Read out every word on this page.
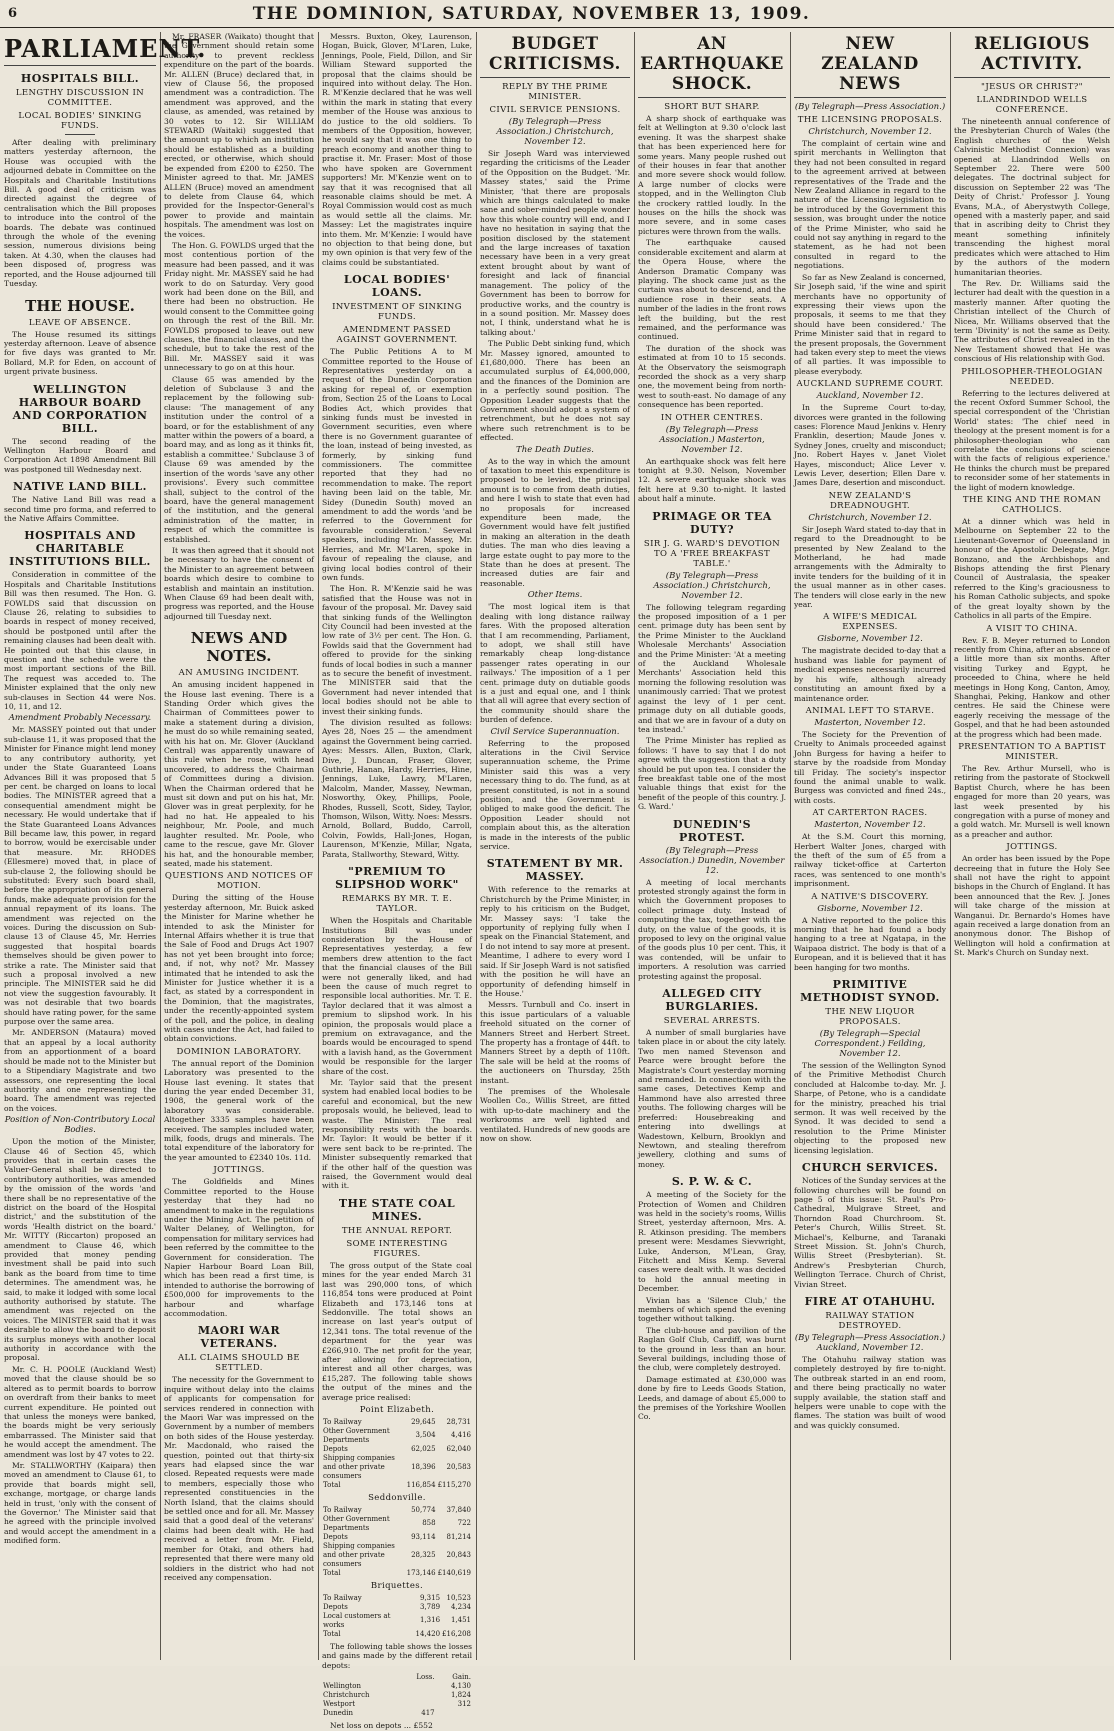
6	THE DOMINION, SATURDAY, NOVEMBER 13, 1909.
PARLIAMENT.
HOSPITALS BILL.
LENGTHY DISCUSSION IN COMMITTEE.
LOCAL BODIES' SINKING FUNDS.

After dealing with preliminary matters yesterday afternoon, the House was occupied with the adjourned debate in Committee on the Hospitals and Charitable Institutions Bill. A good deal of criticism was directed against the degree of centralisation which the Bill proposes to introduce into the control of the boards. The debate was continued through the whole of the evening session, numerous divisions being taken. At 4.30, when the clauses had been disposed of, progress was reported, and the House adjourned till Tuesday.

THE HOUSE.
LEAVE OF ABSENCE.

The House resumed its sittings yesterday afternoon. Leave of absence for five days was granted to Mr. Bollard, M.P. for Eden, on account of urgent private business.

WELLINGTON HARBOUR BOARD AND CORPORATION BILL.

The second reading of the Wellington Harbour Board and Corporation Act 1898 Amendment Bill was postponed till Wednesday next.

NATIVE LAND BILL.

The Native Land Bill was read a second time pro forma, and referred to the Native Affairs Committee.

HOSPITALS AND CHARITABLE INSTITUTIONS BILL.

Consideration in committee of the Hospitals and Charitable Institutions Bill was then resumed. The Hon. G. FOWLDS said that discussion on Clause 26, relating to subsidies to boards in respect of money received, should be postponed until after the remaining clauses had been dealt with. He pointed out that this clause, in question and the schedule were the most important sections of the Bill. The request was acceded to. The Minister explained that the only new sub-clauses in Section 44 were Nos. 10, 11, and 12.

Amendment Probably Necessary.

Mr. MASSEY pointed out that under sub-clause 11, it was proposed that the Minister for Finance might lend money to any contributory authority, yet under the State Guaranteed Loans Advances Bill it was proposed that 5 per cent. be charged on loans to local bodies. The MINISTER agreed that a consequential amendment might be necessary. He would undertake that if the State Guaranteed Loans Advances Bill became law, this power, in regard to borrow, would be exercisable under that measure. Mr. RHODES (Ellesmere) moved that, in place of sub-clause 2, the following should be substituted: Every such board shall, before the appropriation of its general funds, make adequate provision for the annual repayment of its loans. The amendment was rejected on the voices. During the discussion on Sub-clause 13 of Clause 45, Mr. Herries suggested that hospital boards themselves should be given power to strike a rate. The Minister said that such a proposal involved a new principle. The MINISTER said he did not view the suggestion favourably. It was not desirable that two boards should have rating power, for the same purpose over the same area.

Mr. ANDERSON (Mataura) moved that an appeal by a local authority from an apportionment of a board should be made not to the Minister but to a Stipendiary Magistrate and two assessors, one representing the local authority and one representing the board. The amendment was rejected on the voices.

Position of Non-Contributory Local Bodies.

Upon the motion of the Minister, Clause 46 of Section 45, which provides that in certain cases the Valuer-General shall be directed to contributory authorities, was amended by the omission of the words 'and there shall be no representative of the district on the board of the Hospital district,' and the substitution of the words 'Health district on the board.' Mr. WITTY (Riccarton) proposed an amendment to Clause 46, which provided that money pending investment shall be paid into such bank as the board from time to time determines. The amendment was, he said, to make it lodged with some local authority authorised by statute. The amendment was rejected on the voices. The MINISTER said that it was desirable to allow the board to deposit its surplus moneys with another local authority in accordance with the proposal.

Mr. C. H. POOLE (Auckland West) moved that the clause should be so altered as to permit boards to borrow on overdraft from their banks to meet current expenditure. He pointed out that unless the moneys were banked, the boards might be very seriously embarrassed. The Minister said that he would accept the amendment. The amendment was lost by 47 votes to 22.

Mr. STALLWORTHY (Kaipara) then moved an amendment to Clause 61, to provide that boards might sell, exchange, mortgage, or charge lands held in trust, 'only with the consent of the Governor.' The Minister said that he agreed with the principle involved and would accept the amendment in a modified form.

Mr. FRASER (Waikato) thought that the Government should retain some authority to prevent reckless expenditure on the part of the boards. Mr. ALLEN (Bruce) declared that, in view of Clause 56, the proposed amendment was a contradiction. The amendment was approved, and the clause, as amended, was retained by 30 votes to 12. Sir WILLIAM STEWARD (Waitaki) suggested that the amount up to which an institution should be established as a building erected, or otherwise, which should be expended from £200 to £250. The Minister agreed to that. Mr. JAMES ALLEN (Bruce) moved an amendment to delete from Clause 64, which provided for the Inspector-General's power to provide and maintain hospitals. The amendment was lost on the voices.

The Hon. G. FOWLDS urged that the most contentious portion of the measure had been passed, and it was Friday night. Mr. MASSEY said he had work to do on Saturday. Very good work had been done on the Bill, and there had been no obstruction. He would consent to the Committee going on through the rest of the Bill. Mr. FOWLDS proposed to leave out new clauses, the financial clauses, and the schedule, but to take the rest of the Bill. Mr. MASSEY said it was unnecessary to go on at this hour.

Clause 65 was amended by the deletion of Subclause 3 and the replacement by the following sub-clause: 'The management of any institution under the control of a board, or for the establishment of any matter within the powers of a board, a board may, and as long as it thinks fit, establish a committee.' Subclause 3 of Clause 69 was amended by the insertion of the words 'save any other provisions'. Every such committee shall, subject to the control of the board, have the general management of the institution, and the general administration of the matter, in respect of which the committee is established.

It was then agreed that it should not be necessary to have the consent of the Minister to an agreement between boards which desire to combine to establish and maintain an institution. When Clause 69 had been dealt with, progress was reported, and the House adjourned till Tuesday next.

NEWS AND NOTES.
AN AMUSING INCIDENT.

An amusing incident happened in the House last evening. There is a Standing Order which gives the Chairman of Committees power to make a statement during a division, he must do so while remaining seated, with his hat on. Mr. Glover (Auckland Central) was apparently unaware of this rule when he rose, with head uncovered, to address the Chairman of Committees during a division. When the Chairman ordered that he must sit down and put on his hat, Mr. Glover was in great perplexity, for he had no hat. He appealed to his neighbour, Mr. Poole, and much laughter resulted. Mr. Poole, who came to the rescue, gave Mr. Glover his hat, and the honourable member, seated, made his statement.

QUESTIONS AND NOTICES OF MOTION.

During the sitting of the House yesterday afternoon, Mr. Buick asked the Minister for Marine whether he intended to ask the Minister for Internal Affairs whether it is true that the Sale of Food and Drugs Act 1907 has not yet been brought into force; and, if not, why not? Mr. Massey intimated that he intended to ask the Minister for Justice whether it is a fact, as stated by a correspondent in the Dominion, that the magistrates, under the recently-appointed system of the poll, and the police, in dealing with cases under the Act, had failed to obtain convictions.

DOMINION LABORATORY.

The annual report of the Dominion Laboratory was presented to the House last evening. It states that during the year ended December 31, 1908, the general work of the laboratory was considerable. Altogether 3335 samples have been received. The samples included water, milk, foods, drugs and minerals. The total expenditure of the laboratory for the year amounted to £2340 10s. 11d.

JOTTINGS.

The Goldfields and Mines Committee reported to the House yesterday that they had no amendment to make in the regulations under the Mining Act. The petition of Walter Delaney, of Wellington, for compensation for military services had been referred by the committee to the Government for consideration. The Napier Harbour Board Loan Bill, which has been read a first time, is intended to authorise the borrowing of £500,000 for improvements to the harbour and wharfage accommodation.

MAORI WAR VETERANS.
ALL CLAIMS SHOULD BE SETTLED.

The necessity for the Government to inquire without delay into the claims of applicants for compensation for services rendered in connection with the Maori War was impressed on the Government by a number of members on both sides of the House yesterday. Mr. Macdonald, who raised the question, pointed out that thirty-six years had elapsed since the war closed. Repeated requests were made to members, especially those who represented constituencies in the North Island, that the claims should be settled once and for all. Mr. Massey said that a good deal of the veterans' claims had been dealt with. He had received a letter from Mr. Field, member for Otaki, and others had represented that there were many old soldiers in the district who had not received any compensation.

Messrs. Buxton, Okey, Laurenson, Hogan, Buick, Glover, M'Laren, Luke, Jennings, Poole, Field, Dillon, and Sir William Steward supported the proposal that the claims should be inquired into without delay. The Hon. R. M'Kenzie declared that he was well within the mark in stating that every member of the House was anxious to do justice to the old soldiers. To members of the Opposition, however, he would say that it was one thing to preach economy and another thing to practise it. Mr. Fraser: Most of those who have spoken are Government supporters! Mr. M'Kenzie went on to say that it was recognised that all reasonable claims should be met. A Royal Commission would cost as much as would settle all the claims. Mr. Massey: Let the magistrates inquire into them. Mr. M'Kenzie: I would have no objection to that being done, but my own opinion is that very few of the claims could be substantiated.

LOCAL BODIES' LOANS.
INVESTMENT OF SINKING FUNDS.
AMENDMENT PASSED AGAINST GOVERNMENT.

The Public Petitions A to M Committee reported to the House of Representatives yesterday on a request of the Dunedin Corporation asking for repeal of, or exemption from, Section 25 of the Loans to Local Bodies Act, which provides that sinking funds must be invested in Government securities, even where there is no Government guarantee of the loan, instead of being invested, as formerly, by sinking fund commissioners. The committee reported that they had no recommendation to make. The report having been laid on the table, Mr. Sidey (Dunedin South) moved an amendment to add the words 'and be referred to the Government for favourable consideration.' Several speakers, including Mr. Massey, Mr. Herries, and Mr. M'Laren, spoke in favour of repealing the clause, and giving local bodies control of their own funds.

The Hon. R. M'Kenzie said he was satisfied that the House was not in favour of the proposal. Mr. Davey said that sinking funds of the Wellington City Council had been invested at the low rate of 3½ per cent. The Hon. G. Fowlds said that the Government had offered to provide for the sinking funds of local bodies in such a manner as to secure the benefit of investment. The MINISTER said that the Government had never intended that local bodies should not be able to invest their sinking funds.

The division resulted as follows: Ayes 28, Noes 25 — the amendment against the Government being carried. Ayes: Messrs. Allen, Buxton, Clark, Dive, J. Duncan, Fraser, Glover, Guthrie, Hanan, Hardy, Herries, Hine, Jennings, Luke, Lawry, M'Laren, Malcolm, Mander, Massey, Newman, Nosworthy, Okey, Phillips, Poole, Rhodes, Russell, Scott, Sidey, Taylor, Thomson, Wilson, Witty. Noes: Messrs. Arnold, Bollard, Buddo, Carroll, Colvin, Fowlds, Hall-Jones, Hogan, Laurenson, M'Kenzie, Millar, Ngata, Parata, Stallworthy, Steward, Witty.

"PREMIUM TO SLIPSHOD WORK"
REMARKS BY MR. T. E. TAYLOR.

When the Hospitals and Charitable Institutions Bill was under consideration by the House of Representatives yesterday, a few members drew attention to the fact that the financial clauses of the Bill were not generally liked, and had been the cause of much regret to responsible local authorities. Mr. T. E. Taylor declared that it was almost a premium to slipshod work. In his opinion, the proposals would place a premium on extravagance, and the boards would be encouraged to spend with a lavish hand, as the Government would be responsible for the larger share of the cost.

Mr. Taylor said that the present system had enabled local bodies to be careful and economical, but the new proposals would, he believed, lead to waste. The Minister: The real responsibility rests with the boards. Mr. Taylor: It would be better if it were sent back to be re-printed. The Minister subsequently remarked that if the other half of the question was raised, the Government would deal with it.

THE STATE COAL MINES.
THE ANNUAL REPORT.
SOME INTERESTING FIGURES.

The gross output of the State coal mines for the year ended March 31 last was 290,000 tons, of which 116,854 tons were produced at Point Elizabeth and 173,146 tons at Seddonville. The total shows an increase on last year's output of 12,341 tons. The total revenue of the department for the year was £266,910. The net profit for the year, after allowing for depreciation, interest and all other charges, was £15,287. The following table shows the output of the mines and the average price realised:

Point Elizabeth.
To Railway	29,645	28,731
Other Government Departments	3,504	4,416
Depots	62,025	62,040
Shipping companies and other private consumers	18,396	20,583
Total	116,854	£115,270
Seddonville.
To Railway	50,774	37,840
Other Government Departments	858	722
Depots	93,114	81,214
Shipping companies and other private consumers	28,325	20,843
Total	173,146	£140,619
Briquettes.
To Railway	9,315	10,523
Depots	3,789	4,234
Local customers at works	1,316	1,451
Total	14,420	£16,208

The following table shows the losses and gains made by the different retail depots:

	Loss.	Gain.
Wellington		4,130
Christchurch		1,824
Westport		312
Dunedin	417	

Net loss on depots ... £552

BUDGET CRITICISMS.
REPLY BY THE PRIME MINISTER.
CIVIL SERVICE PENSIONS.
(By Telegraph—Press Association.) Christchurch, November 12.

Sir Joseph Ward was interviewed regarding the criticisms of the Leader of the Opposition on the Budget. 'Mr. Massey states,' said the Prime Minister, 'that there are proposals which are things calculated to make sane and sober-minded people wonder how this whole country will end, and I have no hesitation in saying that the position disclosed by the statement and the large increases of taxation necessary have been in a very great extent brought about by want of foresight and lack of financial management. The policy of the Government has been to borrow for productive works, and the country is in a sound position. Mr. Massey does not, I think, understand what he is talking about.'

The Public Debt sinking fund, which Mr. Massey ignored, amounted to £1,680,000. There has been an accumulated surplus of £4,000,000, and the finances of the Dominion are in a perfectly sound position. The Opposition Leader suggests that the Government should adopt a system of retrenchment, but he does not say where such retrenchment is to be effected.

The Death Duties.

As to the way in which the amount of taxation to meet this expenditure is proposed to be levied, the principal amount is to come from death duties, and here I wish to state that even had no proposals for increased expenditure been made, the Government would have felt justified in making an alteration in the death duties. The man who dies leaving a large estate ought to pay more to the State than he does at present. The increased duties are fair and reasonable.

Other Items.

'The most logical item is that dealing with long distance railway fares. With the proposed alteration that I am recommending, Parliament, to adopt, we shall still have remarkably cheap long-distance passenger rates operating in our railways.' The imposition of a 1 per cent. primage duty on dutiable goods is a just and equal one, and I think that all will agree that every section of the community should share the burden of defence.

Civil Service Superannuation.

Referring to the proposed alterations in the Civil Service superannuation scheme, the Prime Minister said this was a very necessary thing to do. The fund, as at present constituted, is not in a sound position, and the Government is obliged to make good the deficit. The Opposition Leader should not complain about this, as the alteration is made in the interests of the public service.

STATEMENT BY MR. MASSEY.

With reference to the remarks at Christchurch by the Prime Minister, in reply to his criticism on the Budget, Mr. Massey says: 'I take the opportunity of replying fully when I speak on the Financial Statement, and I do not intend to say more at present. Meantime, I adhere to every word I said. If Sir Joseph Ward is not satisfied with the position he will have an opportunity of defending himself in the House.'

Messrs. Turnbull and Co. insert in this issue particulars of a valuable freehold situated on the corner of Manners Street and Herbert Street. The property has a frontage of 44ft. to Manners Street by a depth of 110ft. The sale will be held at the rooms of the auctioneers on Thursday, 25th instant.

The premises of the Wholesale Woollen Co., Willis Street, are fitted with up-to-date machinery and the workrooms are well lighted and ventilated. Hundreds of new goods are now on show.

AN EARTHQUAKE SHOCK.
SHORT BUT SHARP.

A sharp shock of earthquake was felt at Wellington at 9.30 o'clock last evening. It was the sharpest shake that has been experienced here for some years. Many people rushed out of their houses in fear that another and more severe shock would follow. A large number of clocks were stopped, and in the Wellington Club the crockery rattled loudly. In the houses on the hills the shock was more severe, and in some cases pictures were thrown from the walls.

The earthquake caused considerable excitement and alarm at the Opera House, where the Anderson Dramatic Company was playing. The shock came just as the curtain was about to descend, and the audience rose in their seats. A number of the ladies in the front rows left the building, but the rest remained, and the performance was continued.

The duration of the shock was estimated at from 10 to 15 seconds. At the Observatory the seismograph recorded the shock as a very sharp one, the movement being from north-west to south-east. No damage of any consequence has been reported.

IN OTHER CENTRES.
(By Telegraph—Press Association.) Masterton, November 12.

An earthquake shock was felt here tonight at 9.30. Nelson, November 12. A severe earthquake shock was felt here at 9.30 to-night. It lasted about half a minute.

PRIMAGE OR TEA DUTY?
SIR J. G. WARD'S DEVOTION TO A 'FREE BREAKFAST TABLE.'
(By Telegraph—Press Association.) Christchurch, November 12.

The following telegram regarding the proposed imposition of a 1 per cent. primage duty has been sent by the Prime Minister to the Auckland Wholesale Merchants' Association and the Prime Minister: 'At a meeting of the Auckland Wholesale Merchants' Association held this morning the following resolution was unanimously carried: That we protest against the levy of 1 per cent. primage duty on all dutiable goods, and that we are in favour of a duty on tea instead.'

The Prime Minister has replied as follows: 'I have to say that I do not agree with the suggestion that a duty should be put upon tea. I consider the free breakfast table one of the most valuable things that exist for the benefit of the people of this country. J. G. Ward.'

DUNEDIN'S PROTEST.
(By Telegraph—Press Association.) Dunedin, November 12.

A meeting of local merchants protested strongly against the form in which the Government proposes to collect primage duty. Instead of computing the tax, together with the duty, on the value of the goods, it is proposed to levy on the original value of the goods plus 10 per cent. This, it was contended, will be unfair to importers. A resolution was carried protesting against the proposal.

ALLEGED CITY BURGLARIES.
SEVERAL ARRESTS.

A number of small burglaries have taken place in or about the city lately. Two men named Stevenson and Pearce were brought before the Magistrate's Court yesterday morning and remanded. In connection with the same cases, Detectives Kemp and Hammond have also arrested three youths. The following charges will be preferred: Housebreaking and entering into dwellings at Wadestown, Kelburn, Brooklyn and Newtown, and stealing therefrom jewellery, clothing and sums of money.

S. P. W. & C.

A meeting of the Society for the Protection of Women and Children was held in the society's rooms, Willis Street, yesterday afternoon, Mrs. A. R. Atkinson presiding. The members present were: Mesdames Sievwright, Luke, Anderson, M'Lean, Gray, Fitchett and Miss Kemp. Several cases were dealt with. It was decided to hold the annual meeting in December.

Vivian has a 'Silence Club,' the members of which spend the evening together without talking.

The club-house and pavilion of the Raglan Golf Club, Cardiff, was burnt to the ground in less than an hour. Several buildings, including those of the club, were completely destroyed.

Damage estimated at £30,000 was done by fire to Leeds Goods Station, Leeds, and damage of about £5,000 to the premises of the Yorkshire Woollen Co.

NEW ZEALAND NEWS
(By Telegraph—Press Association.)
THE LICENSING PROPOSALS.
Christchurch, November 12.

The complaint of certain wine and spirit merchants in Wellington that they had not been consulted in regard to the agreement arrived at between representatives of the Trade and the New Zealand Alliance in regard to the nature of the Licensing legislation to be introduced by the Government this session, was brought under the notice of the Prime Minister, who said he could not say anything in regard to the statement, as he had not been consulted in regard to the negotiations.

So far as New Zealand is concerned, Sir Joseph said, 'if the wine and spirit merchants have no opportunity of expressing their views upon the proposals, it seems to me that they should have been considered.' The Prime Minister said that in regard to the present proposals, the Government had taken every step to meet the views of all parties. It was impossible to please everybody.

AUCKLAND SUPREME COURT.
Auckland, November 12.

In the Supreme Court to-day, divorces were granted in the following cases: Florence Maud Jenkins v. Henry Franklin, desertion; Maude Jones v. Sydney Jones, cruelty and misconduct; Jno. Robert Hayes v. Janet Violet Hayes, misconduct; Alice Lever v. Lewis Lever, desertion; Ellen Dare v. James Dare, desertion and misconduct.

NEW ZEALAND'S DREADNOUGHT.
Christchurch, November 12.

Sir Joseph Ward stated to-day that in regard to the Dreadnought to be presented by New Zealand to the Motherland, he had made arrangements with the Admiralty to invite tenders for the building of it in the usual manner as in other cases. The tenders will close early in the new year.

A WIFE'S MEDICAL EXPENSES.
Gisborne, November 12.

The magistrate decided to-day that a husband was liable for payment of medical expenses necessarily incurred by his wife, although already constituting an amount fixed by a maintenance order.

ANIMAL LEFT TO STARVE.
Masterton, November 12.

The Society for the Prevention of Cruelty to Animals proceeded against John Burgess for having a heifer to starve by the roadside from Monday till Friday. The society's inspector found the animal unable to walk. Burgess was convicted and fined 24s., with costs.

AT CARTERTON RACES.
Masterton, November 12.

At the S.M. Court this morning, Herbert Walter Jones, charged with the theft of the sum of £5 from a railway ticket-office at Carterton races, was sentenced to one month's imprisonment.

A NATIVE'S DISCOVERY.
Gisborne, November 12.

A Native reported to the police this morning that he had found a body hanging to a tree at Ngatapa, in the Waipaoa district. The body is that of a European, and it is believed that it has been hanging for two months.

PRIMITIVE METHODIST SYNOD.
THE NEW LIQUOR PROPOSALS.
(By Telegraph—Special Correspondent.) Feilding, November 12.

The session of the Wellington Synod of the Primitive Methodist Church concluded at Halcombe to-day. Mr. J. Sharpe, of Petone, who is a candidate for the ministry, preached his trial sermon. It was well received by the Synod. It was decided to send a resolution to the Prime Minister objecting to the proposed new licensing legislation.

CHURCH SERVICES.

Notices of the Sunday services at the following churches will be found on page 5 of this issue: St. Paul's Pro-Cathedral, Mulgrave Street, and Thorndon Road Churchroom. St. Peter's Church, Willis Street. St. Michael's, Kelburne, and Taranaki Street Mission. St. John's Church, Willis Street (Presbyterian). St. Andrew's Presbyterian Church, Wellington Terrace. Church of Christ, Vivian Street.

FIRE AT OTAHUHU.
RAILWAY STATION DESTROYED.
(By Telegraph—Press Association.) Auckland, November 12.

The Otahuhu railway station was completely destroyed by fire to-night. The outbreak started in an end room, and there being practically no water supply available, the station staff and helpers were unable to cope with the flames. The station was built of wood and was quickly consumed.

RELIGIOUS ACTIVITY.
"JESUS OR CHRIST?"
LLANDRINDOD WELLS CONFERENCE.

The nineteenth annual conference of the Presbyterian Church of Wales (the English churches of the Welsh Calvinistic Methodist Connexion) was opened at Llandrindod Wells on September 22. There were 500 delegates. The doctrinal subject for discussion on September 22 was 'The Deity of Christ.' Professor J. Young Evans, M.A., of Aberystwyth College, opened with a masterly paper, and said that in ascribing deity to Christ they meant something infinitely transcending the highest moral predicates which were attached to Him by the authors of the modern humanitarian theories.

The Rev. Dr. Williams said the lecturer had dealt with the question in a masterly manner. After quoting the Christian intellect of the Church of Nicea, Mr. Williams observed that the term 'Divinity' is not the same as Deity. The attributes of Christ revealed in the New Testament showed that He was conscious of His relationship with God.

PHILOSOPHER-THEOLOGIAN NEEDED.

Referring to the lectures delivered at the recent Oxford Summer School, the special correspondent of the 'Christian World' states: 'The chief need in theology at the present moment is for a philosopher-theologian who can correlate the conclusions of science with the facts of religious experience.' He thinks the church must be prepared to reconsider some of her statements in the light of modern knowledge.

THE KING AND THE ROMAN CATHOLICS.

At a dinner which was held in Melbourne on September 22 to the Lieutenant-Governor of Queensland in honour of the Apostolic Delegate, Mgr. Bonzano, and the Archbishops and Bishops attending the first Plenary Council of Australasia, the speaker referred to the King's graciousness to his Roman Catholic subjects, and spoke of the great loyalty shown by the Catholics in all parts of the Empire.

A VISIT TO CHINA.

Rev. F. B. Meyer returned to London recently from China, after an absence of a little more than six months. After visiting Turkey and Egypt, he proceeded to China, where he held meetings in Hong Kong, Canton, Amoy, Shanghai, Peking, Hankow and other centres. He said the Chinese were eagerly receiving the message of the Gospel, and that he had been astounded at the progress which had been made.

PRESENTATION TO A BAPTIST MINISTER.

The Rev. Arthur Mursell, who is retiring from the pastorate of Stockwell Baptist Church, where he has been engaged for more than 20 years, was last week presented by his congregation with a purse of money and a gold watch. Mr. Mursell is well known as a preacher and author.

JOTTINGS.

An order has been issued by the Pope decreeing that in future the Holy See shall not have the right to appoint bishops in the Church of England. It has been announced that the Rev. J. Jones will take charge of the mission at Wanganui. Dr. Bernardo's Homes have again received a large donation from an anonymous donor. The Bishop of Wellington will hold a confirmation at St. Mark's Church on Sunday next.
